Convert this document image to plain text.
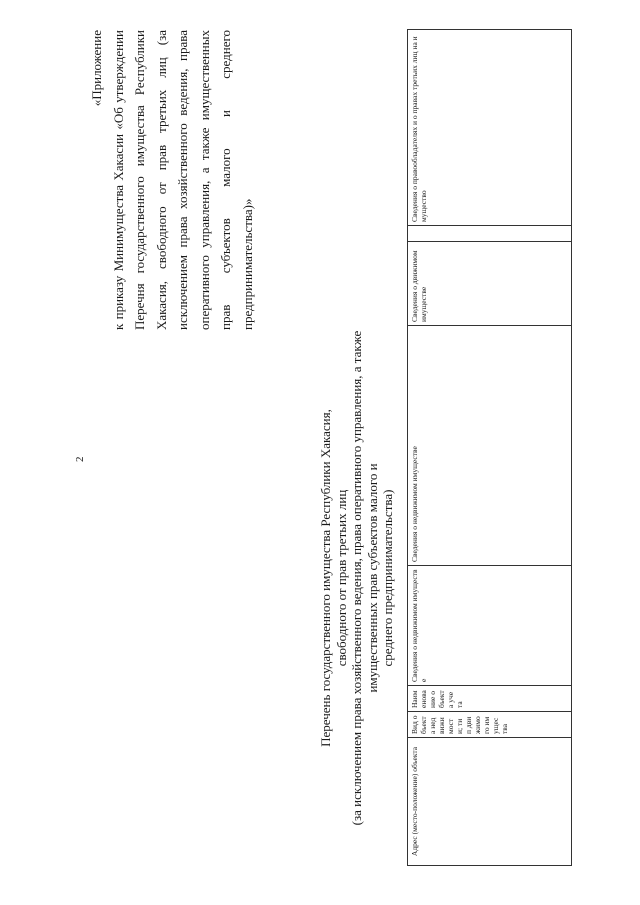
2
«Приложение к приказу Минимущества Хакасии «Об утверждении Перечня государственного имущества Республики Хакасия, свободного от прав третьих лиц (за исключением права хозяйственного ведения, права оперативного управления, а также имущественных прав субъектов малого и среднего предпринимательства)»
Перечень государственного имущества Республики Хакасия, свободного от прав третьих лиц (за исключением права хозяйственного ведения, права оперативного управления, а также имущественных прав субъектов малого и среднего предпринимательства)
Адрес (место-положение) объекта	Вид объекта недвижимости; тип движимого имущества	Наименование объекта учета	Сведения о недвижимом имуществе	Сведения о недвижимом имуществе	Сведения о движимом имуществе		Сведения о правообладателях и о правах третьих лиц на имущество
